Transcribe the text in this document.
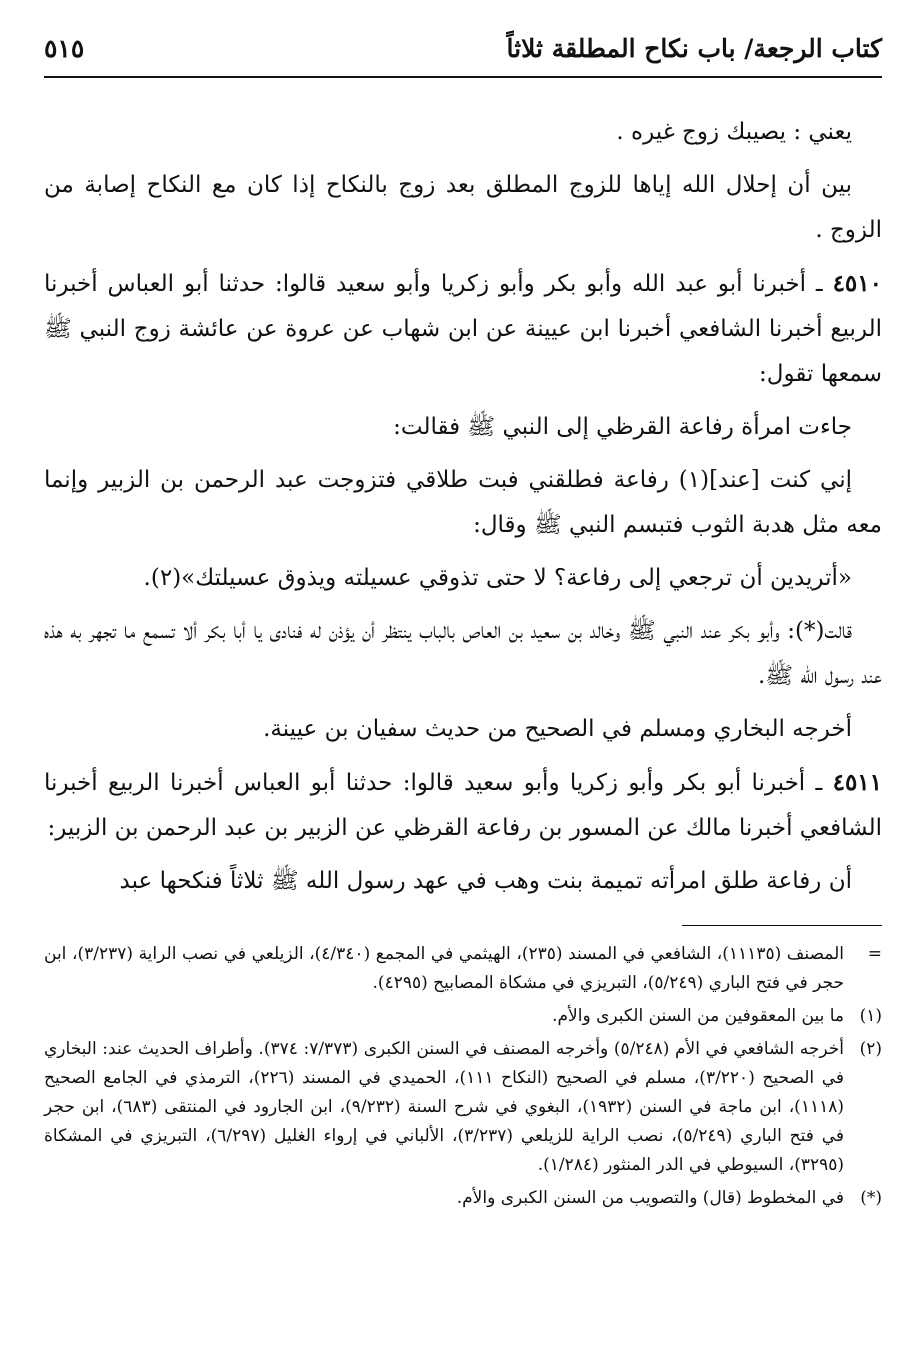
كتاب الرجعة/ باب نكاح المطلقة ثلاثاً
٥١٥

يعني : يصيبك زوج غيره .

بين أن إحلال الله إياها للزوج المطلق بعد زوج بالنكاح إذا كان مع النكاح إصابة من الزوج .

٤٥١٠ ـ أخبرنا أبو عبد الله وأبو بكر وأبو زكريا وأبو سعيد قالوا: حدثنا أبو العباس أخبرنا الربيع أخبرنا الشافعي أخبرنا ابن عيينة عن ابن شهاب عن عروة عن عائشة زوج النبي ﷺ سمعها تقول:

جاءت امرأة رفاعة القرظي إلى النبي ﷺ فقالت:

إني كنت [عند](١) رفاعة فطلقني فبت طلاقي فتزوجت عبد الرحمن بن الزبير وإنما معه مثل هدبة الثوب فتبسم النبي ﷺ وقال:

«أتريدين أن ترجعي إلى رفاعة؟ لا حتى تذوقي عسيلته ويذوق عسيلتك»(٢).

قالت(*): وأبو بكر عند النبي ﷺ وخالد بن سعيد بن العاص بالباب ينتظر أن يؤذن له فنادى يا أبا بكر ألا تسمع ما تجهر به هذه عند رسول الله ﷺ.

أخرجه البخاري ومسلم في الصحيح من حديث سفيان بن عيينة.

٤٥١١ ـ أخبرنا أبو بكر وأبو زكريا وأبو سعيد قالوا: حدثنا أبو العباس أخبرنا الربيع أخبرنا الشافعي أخبرنا مالك عن المسور بن رفاعة القرظي عن الزبير بن عبد الرحمن بن الزبير:

أن رفاعة طلق امرأته تميمة بنت وهب في عهد رسول الله ﷺ ثلاثاً فنكحها عبد

=
المصنف (١١١٣٥)، الشافعي في المسند (٢٣٥)، الهيثمي في المجمع (٤/٣٤٠)، الزيلعي في نصب الراية (٣/٢٣٧)، ابن حجر في فتح الباري (٥/٢٤٩)، التبريزي في مشكاة المصابيح (٤٢٩٥).
(١)
ما بين المعقوفين من السنن الكبرى والأم.
(٢)
أخرجه الشافعي في الأم (٥/٢٤٨) وأخرجه المصنف في السنن الكبرى (٧/٣٧٣: ٣٧٤). وأطراف الحديث عند: البخاري في الصحيح (٣/٢٢٠)، مسلم في الصحيح (النكاح ١١١)، الحميدي في المسند (٢٢٦)، الترمذي في الجامع الصحيح (١١١٨)، ابن ماجة في السنن (١٩٣٢)، البغوي في شرح السنة (٩/٢٣٢)، ابن الجارود في المنتقى (٦٨٣)، ابن حجر في فتح الباري (٥/٢٤٩)، نصب الراية للزيلعي (٣/٢٣٧)، الألباني في إرواء الغليل (٦/٢٩٧)، التبريزي في المشكاة (٣٢٩٥)، السيوطي في الدر المنثور (١/٢٨٤).
(*)
في المخطوط (قال) والتصويب من السنن الكبرى والأم.
